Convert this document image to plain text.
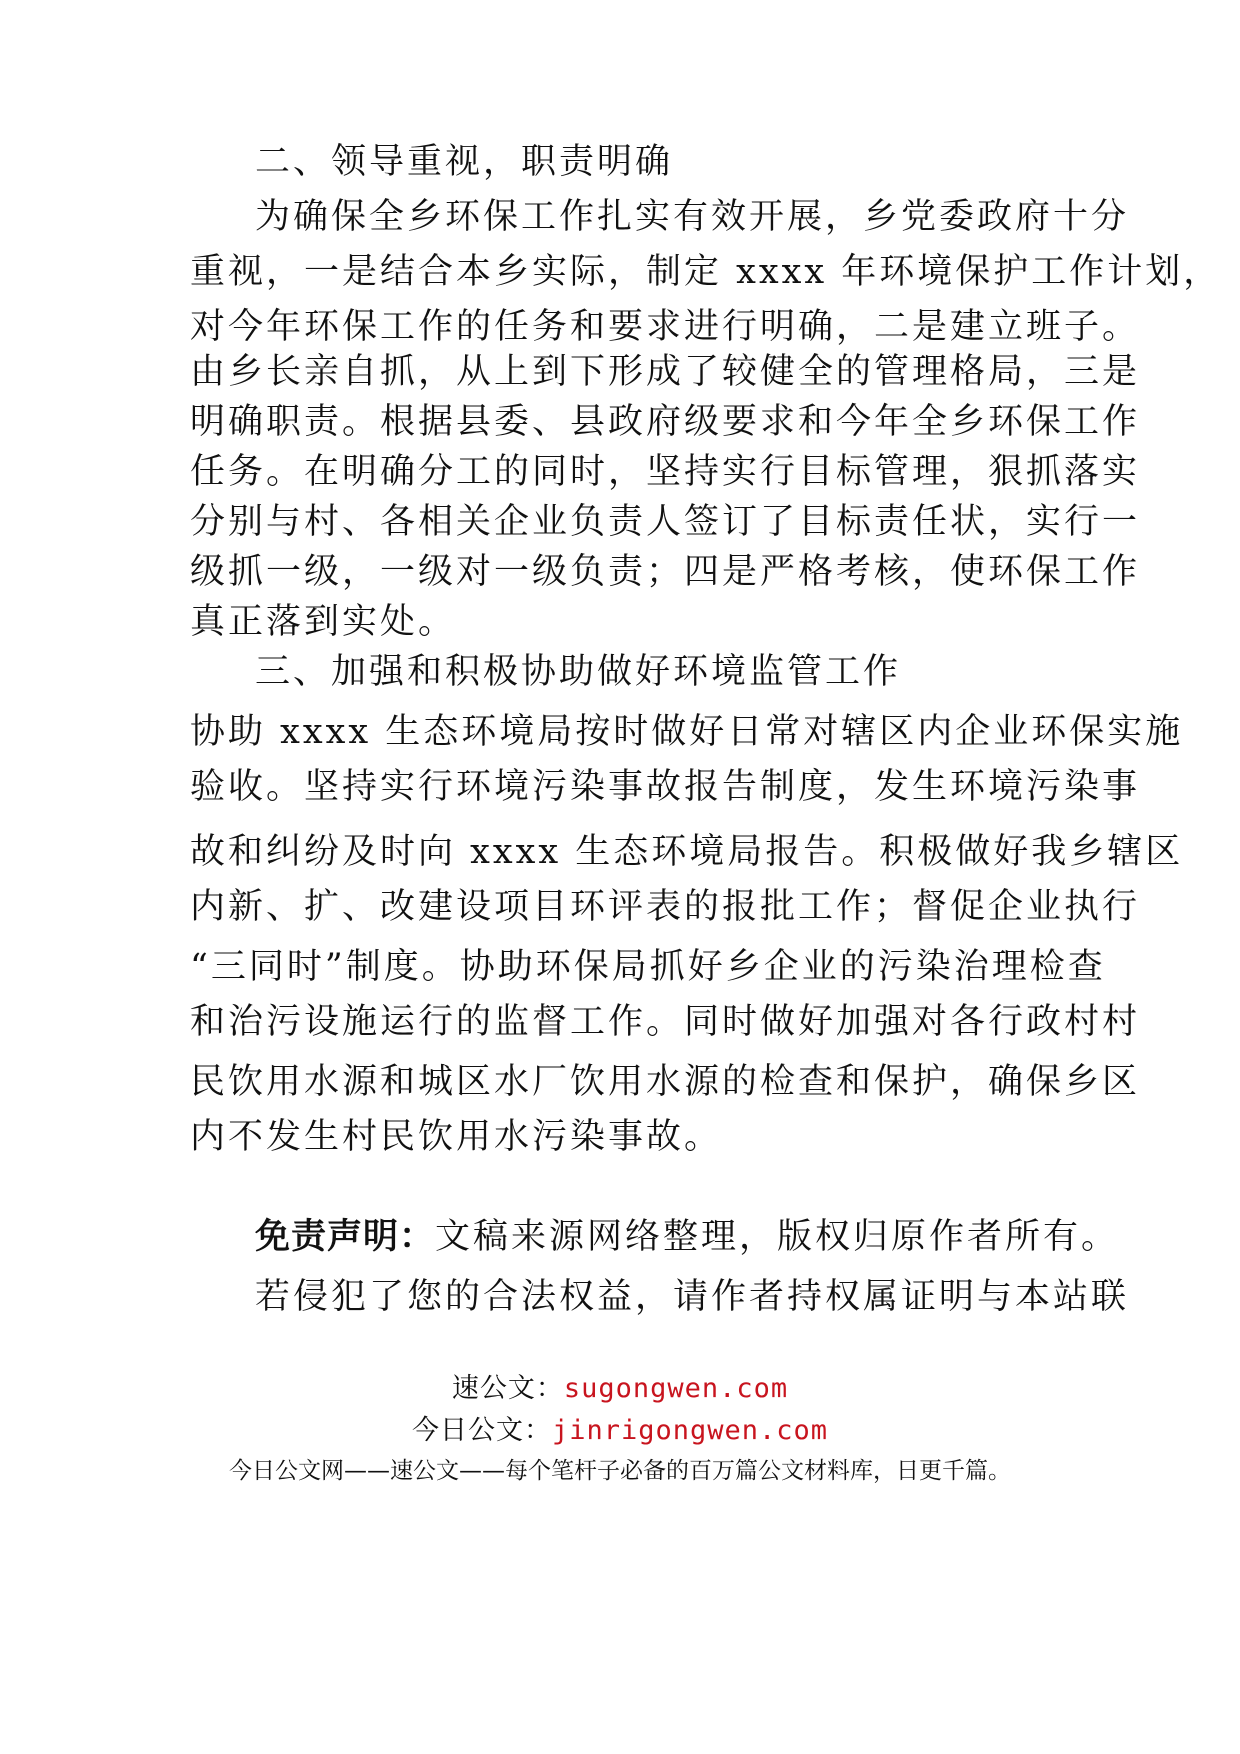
二、领导重视，职责明确

为确保全乡环保工作扎实有效开展，乡党委政府十分

重视，一是结合本乡实际，制定 xxxx 年环境保护工作计划，

对今年环保工作的任务和要求进行明确，二是建立班子。

由乡长亲自抓，从上到下形成了较健全的管理格局，三是

明确职责。根据县委、县政府级要求和今年全乡环保工作

任务。在明确分工的同时，坚持实行目标管理，狠抓落实

分别与村、各相关企业负责人签订了目标责任状，实行一

级抓一级，一级对一级负责；四是严格考核，使环保工作

真正落到实处。

三、加强和积极协助做好环境监管工作

协助 xxxx 生态环境局按时做好日常对辖区内企业环保实施

验收。坚持实行环境污染事故报告制度，发生环境污染事

故和纠纷及时向 xxxx 生态环境局报告。积极做好我乡辖区

内新、扩、改建设项目环评表的报批工作；督促企业执行

“三同时”制度。协助环保局抓好乡企业的污染治理检查

和治污设施运行的监督工作。同时做好加强对各行政村村

民饮用水源和城区水厂饮用水源的检查和保护，确保乡区

内不发生村民饮用水污染事故。

免责声明：文稿来源网络整理，版权归原作者所有。

若侵犯了您的合法权益，请作者持权属证明与本站联

速公文：sugongwen.com
今日公文：jinrigongwen.com
今日公文网——速公文——每个笔杆子必备的百万篇公文材料库，日更千篇。
